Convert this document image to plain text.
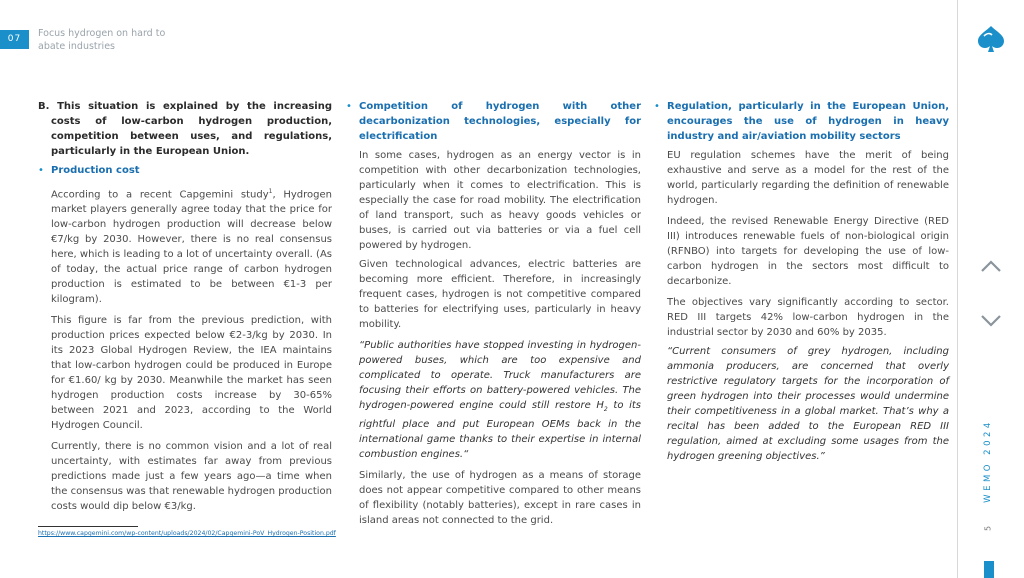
07	Focus hydrogen on hard to abate industries
WEMO 2024
5

B. This situation is explained by the increasing costs of low-carbon hydrogen production, competition between uses, and regulations, particularly in the European Union.

• Production cost

According to a recent Capgemini study$^1$, Hydrogen market players generally agree today that the price for low-carbon hydrogen production will decrease below €7/kg by 2030. However, there is no real consensus here, which is leading to a lot of uncertainty overall. (As of today, the actual price range of carbon hydrogen production is estimated to be between €1-3 per kilogram).

This figure is far from the previous prediction, with production prices expected below €2-3/kg by 2030. In its 2023 Global Hydrogen Review, the IEA maintains that low-carbon hydrogen could be produced in Europe for €1.60/ kg by 2030. Meanwhile the market has seen hydrogen production costs increase by 30-65% between 2021 and 2023, according to the World Hydrogen Council.

Currently, there is no common vision and a lot of real uncertainty, with estimates far away from previous predictions made just a few years ago—a time when the consensus was that renewable hydrogen production costs would dip below €3/kg.

• Competition of hydrogen with other decarbonization technologies, especially for electrification

In some cases, hydrogen as an energy vector is in competition with other decarbonization technologies, particularly when it comes to electrification. This is especially the case for road mobility. The electrification of land transport, such as heavy goods vehicles or buses, is carried out via batteries or via a fuel cell powered by hydrogen.

Given technological advances, electric batteries are becoming more efficient. Therefore, in increasingly frequent cases, hydrogen is not competitive compared to batteries for electrifying uses, particularly in heavy mobility.

“Public authorities have stopped investing in hydrogen-powered buses, which are too expensive and complicated to operate. Truck manufacturers are focusing their efforts on battery-powered vehicles. The hydrogen-powered engine could still restore $H_2$ to its rightful place and put European OEMs back in the international game thanks to their expertise in internal combustion engines.“

Similarly, the use of hydrogen as a means of storage does not appear competitive compared to other means of flexibility (notably batteries), except in rare cases in island areas not connected to the grid.

• Regulation, particularly in the European Union, encourages the use of hydrogen in heavy industry and air/aviation mobility sectors

EU regulation schemes have the merit of being exhaustive and serve as a model for the rest of the world, particularly regarding the definition of renewable hydrogen.

Indeed, the revised Renewable Energy Directive (RED III) introduces renewable fuels of non-biological origin (RFNBO) into targets for developing the use of low-carbon hydrogen in the sectors most difficult to decarbonize.

The objectives vary significantly according to sector. RED III targets 42% low-carbon hydrogen in the industrial sector by 2030 and 60% by 2035.

“Current consumers of grey hydrogen, including ammonia producers, are concerned that overly restrictive regulatory targets for the incorporation of green hydrogen into their processes would undermine their competitiveness in a global market. That’s why a recital has been added to the European RED III regulation, aimed at excluding some usages from the hydrogen greening objectives.”

https://www.capgemini.com/wp-content/uploads/2024/02/Capgemini-PoV_Hydrogen-Position.pdf
